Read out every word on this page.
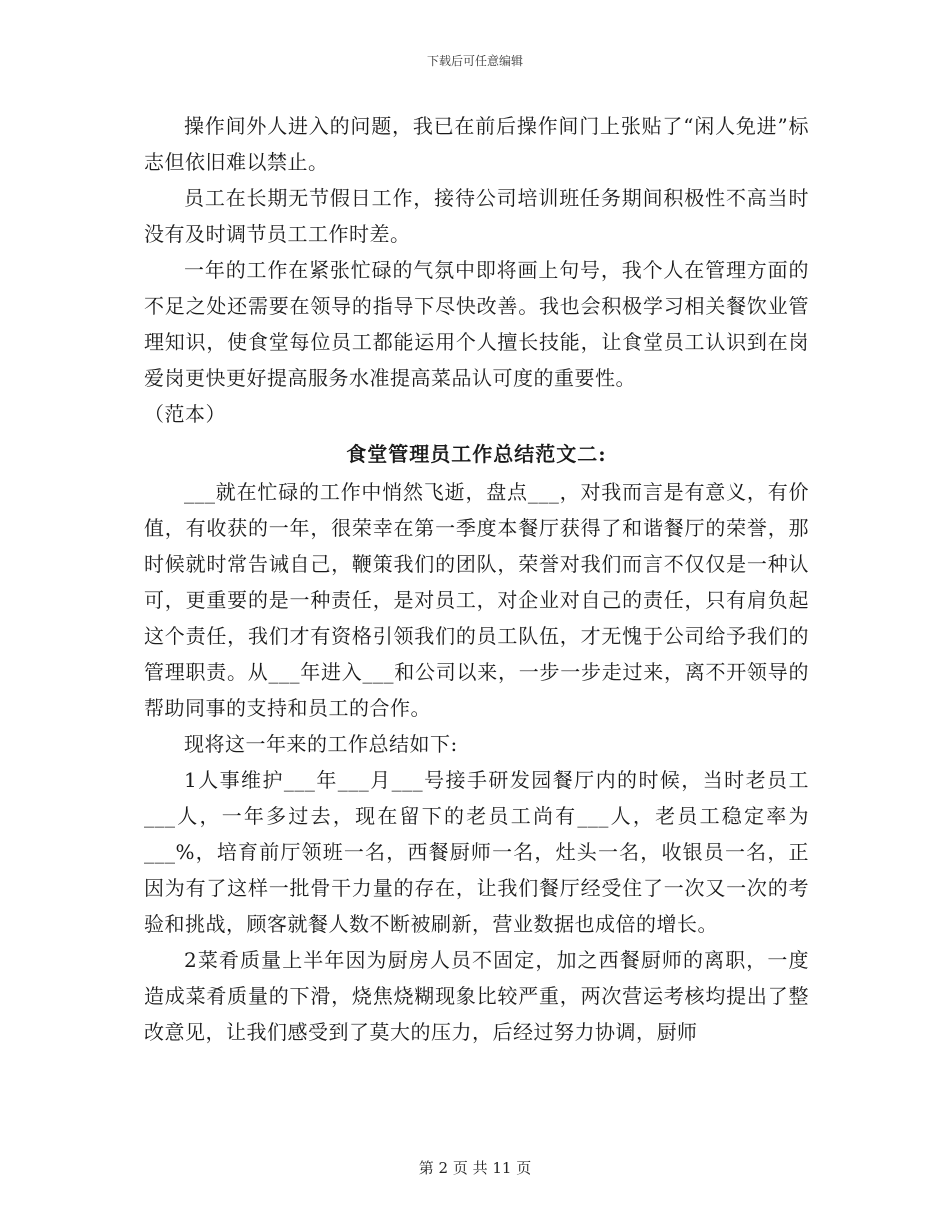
下载后可任意编辑

操作间外人进入的问题，我已在前后操作间门上张贴了“闲人免进”标志但依旧难以禁止。

员工在长期无节假日工作，接待公司培训班任务期间积极性不高当时没有及时调节员工工作时差。

一年的工作在紧张忙碌的气氛中即将画上句号，我个人在管理方面的不足之处还需要在领导的指导下尽快改善。我也会积极学习相关餐饮业管理知识，使食堂每位员工都能运用个人擅长技能，让食堂员工认识到在岗爱岗更快更好提高服务水准提高菜品认可度的重要性。

（范本）

食堂管理员工作总结范文二:

___就在忙碌的工作中悄然飞逝，盘点___，对我而言是有意义，有价值，有收获的一年，很荣幸在第一季度本餐厅获得了和谐餐厅的荣誉，那时候就时常告诫自己，鞭策我们的团队，荣誉对我们而言不仅仅是一种认可，更重要的是一种责任，是对员工，对企业对自己的责任，只有肩负起这个责任，我们才有资格引领我们的员工队伍，才无愧于公司给予我们的管理职责。从___年进入___和公司以来，一步一步走过来，离不开领导的帮助同事的支持和员工的合作。

现将这一年来的工作总结如下:

1人事维护___年___月___号接手研发园餐厅内的时候，当时老员工___人，一年多过去，现在留下的老员工尚有___人，老员工稳定率为___%，培育前厅领班一名，西餐厨师一名，灶头一名，收银员一名，正因为有了这样一批骨干力量的存在，让我们餐厅经受住了一次又一次的考验和挑战，顾客就餐人数不断被刷新，营业数据也成倍的增长。

2菜肴质量上半年因为厨房人员不固定，加之西餐厨师的离职，一度造成菜肴质量的下滑，烧焦烧糊现象比较严重，两次营运考核均提出了整改意见，让我们感受到了莫大的压力，后经过努力协调，厨师

第 2 页 共 11 页
